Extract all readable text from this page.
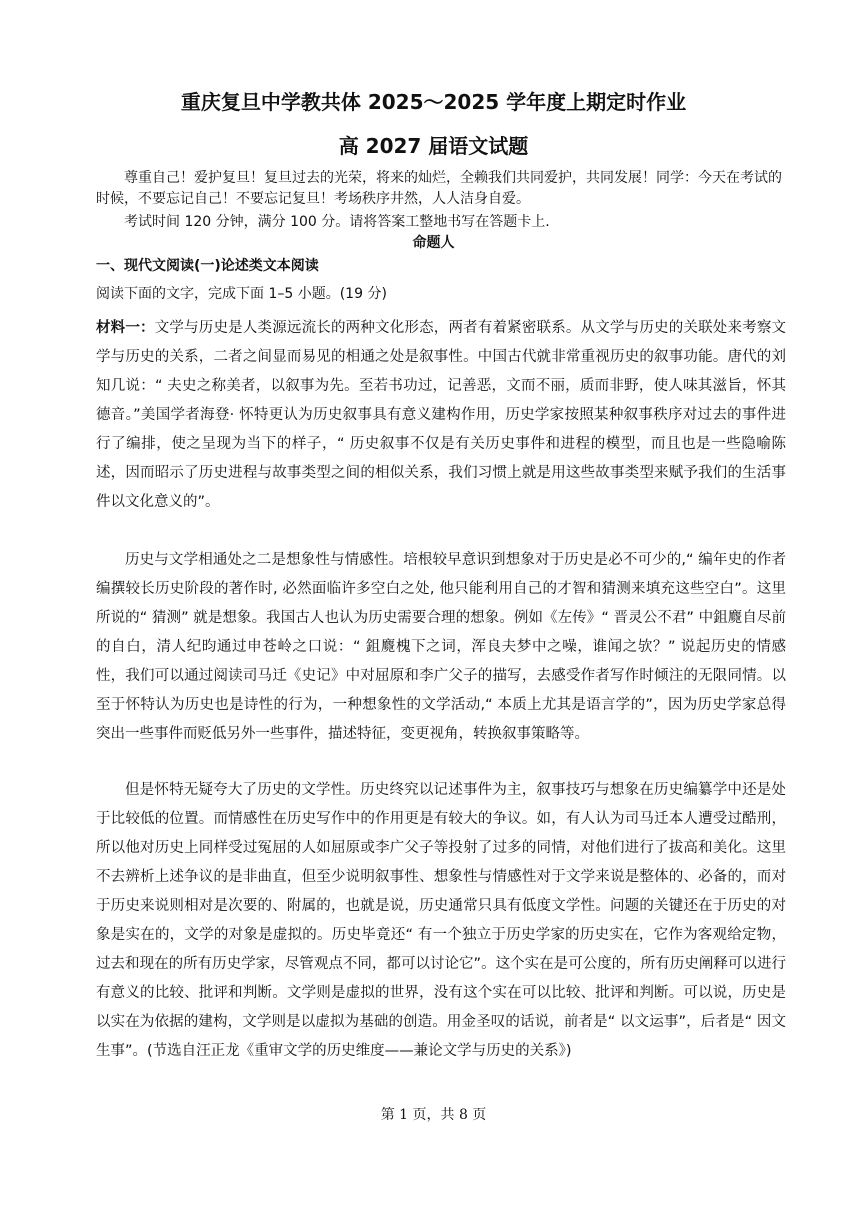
重庆复旦中学教共体 2025～2025 学年度上期定时作业
高 2027 届语文试题

尊重自己！爱护复旦！复旦过去的光荣，将来的灿烂，全赖我们共同爱护，共同发展！同学：今天在考试的时候，不要忘记自己！不要忘记复旦！考场秩序井然，人人洁身自爱。

考试时间 120 分钟，满分 100 分。请将答案工整地书写在答题卡上.

命题人
一、现代文阅读(一)论述类文本阅读
阅读下面的文字，完成下面 1–5 小题。(19 分)

材料一：文学与历史是人类源远流长的两种文化形态，两者有着紧密联系。从文学与历史的关联处来考察文学与历史的关系，二者之间显而易见的相通之处是叙事性。中国古代就非常重视历史的叙事功能。唐代的刘知几说：“ 夫史之称美者，以叙事为先。至若书功过，记善恶，文而不丽，质而非野，使人味其滋旨，怀其德音。”美国学者海登· 怀特更认为历史叙事具有意义建构作用，历史学家按照某种叙事秩序对过去的事件进行了编排，使之呈现为当下的样子，“ 历史叙事不仅是有关历史事件和进程的模型，而且也是一些隐喻陈述，因而昭示了历史进程与故事类型之间的相似关系，我们习惯上就是用这些故事类型来赋予我们的生活事件以文化意义的”。

历史与文学相通处之二是想象性与情感性。培根较早意识到想象对于历史是必不可少的,“ 编年史的作者编撰较长历史阶段的著作时, 必然面临许多空白之处, 他只能利用自己的才智和猜测来填充这些空白”。这里所说的“ 猜测” 就是想象。我国古人也认为历史需要合理的想象。例如《左传》“ 晋灵公不君” 中鉏麑自尽前的自白，清人纪昀通过申苍岭之口说：“ 鉏麑槐下之词，浑良夫梦中之噪，谁闻之欤？” 说起历史的情感性，我们可以通过阅读司马迁《史记》中对屈原和李广父子的描写，去感受作者写作时倾注的无限同情。以至于怀特认为历史也是诗性的行为，一种想象性的文学活动,“ 本质上尤其是语言学的”，因为历史学家总得突出一些事件而贬低另外一些事件，描述特征，变更视角，转换叙事策略等。

但是怀特无疑夸大了历史的文学性。历史终究以记述事件为主，叙事技巧与想象在历史编纂学中还是处于比较低的位置。而情感性在历史写作中的作用更是有较大的争议。如，有人认为司马迁本人遭受过酷刑，所以他对历史上同样受过冤屈的人如屈原或李广父子等投射了过多的同情，对他们进行了拔高和美化。这里不去辨析上述争议的是非曲直，但至少说明叙事性、想象性与情感性对于文学来说是整体的、必备的，而对于历史来说则相对是次要的、附属的，也就是说，历史通常只具有低度文学性。问题的关键还在于历史的对象是实在的，文学的对象是虚拟的。历史毕竟还“ 有一个独立于历史学家的历史实在，它作为客观给定物，过去和现在的所有历史学家，尽管观点不同，都可以讨论它”。这个实在是可公度的，所有历史阐释可以进行有意义的比较、批评和判断。文学则是虚拟的世界，没有这个实在可以比较、批评和判断。可以说，历史是以实在为依据的建构，文学则是以虚拟为基础的创造。用金圣叹的话说，前者是“ 以文运事”，后者是“ 因文生事”。(节选自汪正龙《重审文学的历史维度——兼论文学与历史的关系》)

第 1 页，共 8 页
